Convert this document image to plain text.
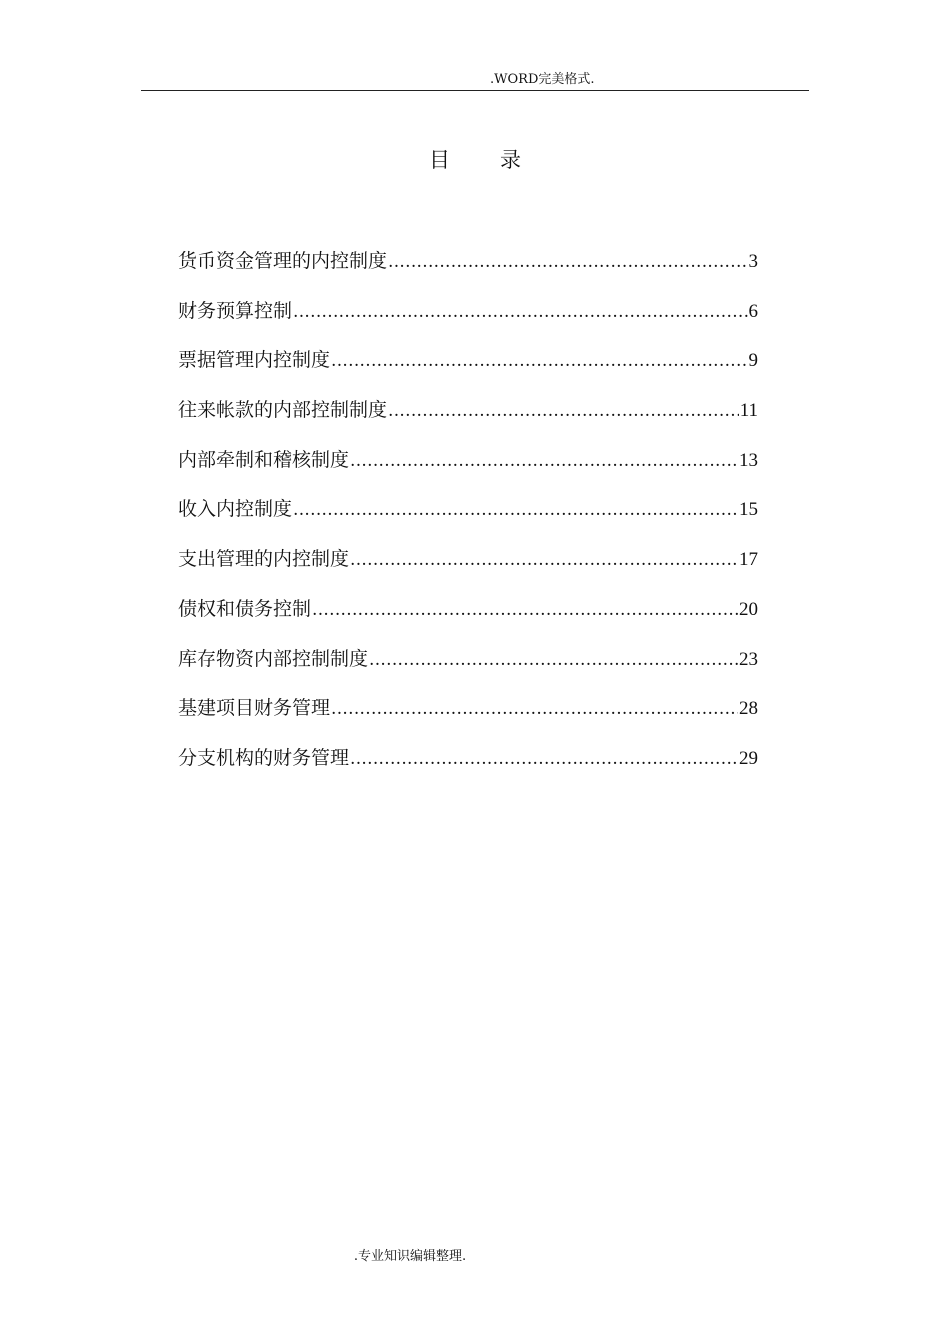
.WORD完美格式.
目 录
货币资金管理的内控制度 .....	3
财务预算控制 .....	6
票据管理内控制度 .....	9
往来帐款的内部控制制度 .....	11
内部牵制和稽核制度 .....	13
收入内控制度 .....	15
支出管理的内控制度 .....	17
债权和债务控制 .....	20
库存物资内部控制制度 .....	23
基建项目财务管理 .....	28
分支机构的财务管理 .....	29
.专业知识编辑整理.
